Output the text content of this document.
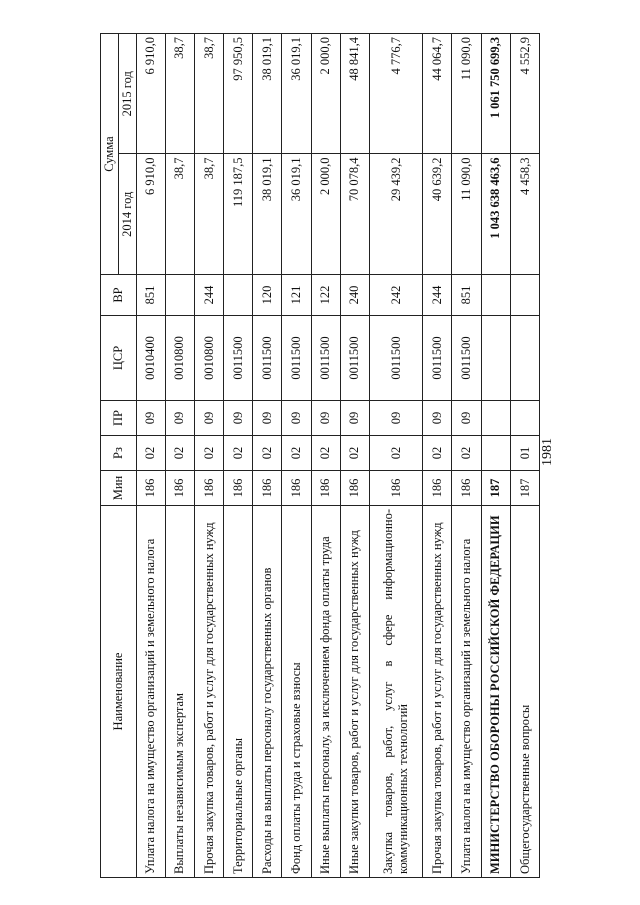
1981
Наименование	Мин	Рз	ПР	ЦСР	ВР	Сумма	
						2014 год	2015 год
Уплата налога на имущество организаций и земельного налога	186	02	09	0010400	851	6 910,0	6 910,0
Выплаты независимым экспертам	186	02	09	0010800		38,7	38,7
Прочая закупка товаров, работ и услуг для государственных нужд	186	02	09	0010800	244	38,7	38,7
Территориальные органы	186	02	09	0011500		119 187,5	97 950,5
Расходы на выплаты персоналу государственных органов	186	02	09	0011500	120	38 019,1	38 019,1
Фонд оплаты труда и страховые взносы	186	02	09	0011500	121	36 019,1	36 019,1
Иные выплаты персоналу, за исключением фонда оплаты труда	186	02	09	0011500	122	2 000,0	2 000,0
Иные закупки товаров, работ и услуг для государственных нужд	186	02	09	0011500	240	70 078,4	48 841,4
Закупка товаров, работ, услуг в сфере информационно-коммуникационных технологий	186	02	09	0011500	242	29 439,2	4 776,7
Прочая закупка товаров, работ и услуг для государственных нужд	186	02	09	0011500	244	40 639,2	44 064,7
Уплата налога на имущество организаций и земельного налога	186	02	09	0011500	851	11 090,0	11 090,0
МИНИСТЕРСТВО ОБОРОНЫ РОССИЙСКОЙ ФЕДЕРАЦИИ	187					1 043 638 463,6	1 061 750 699,3
Общегосударственные вопросы	187	01				4 458,3	4 552,9
